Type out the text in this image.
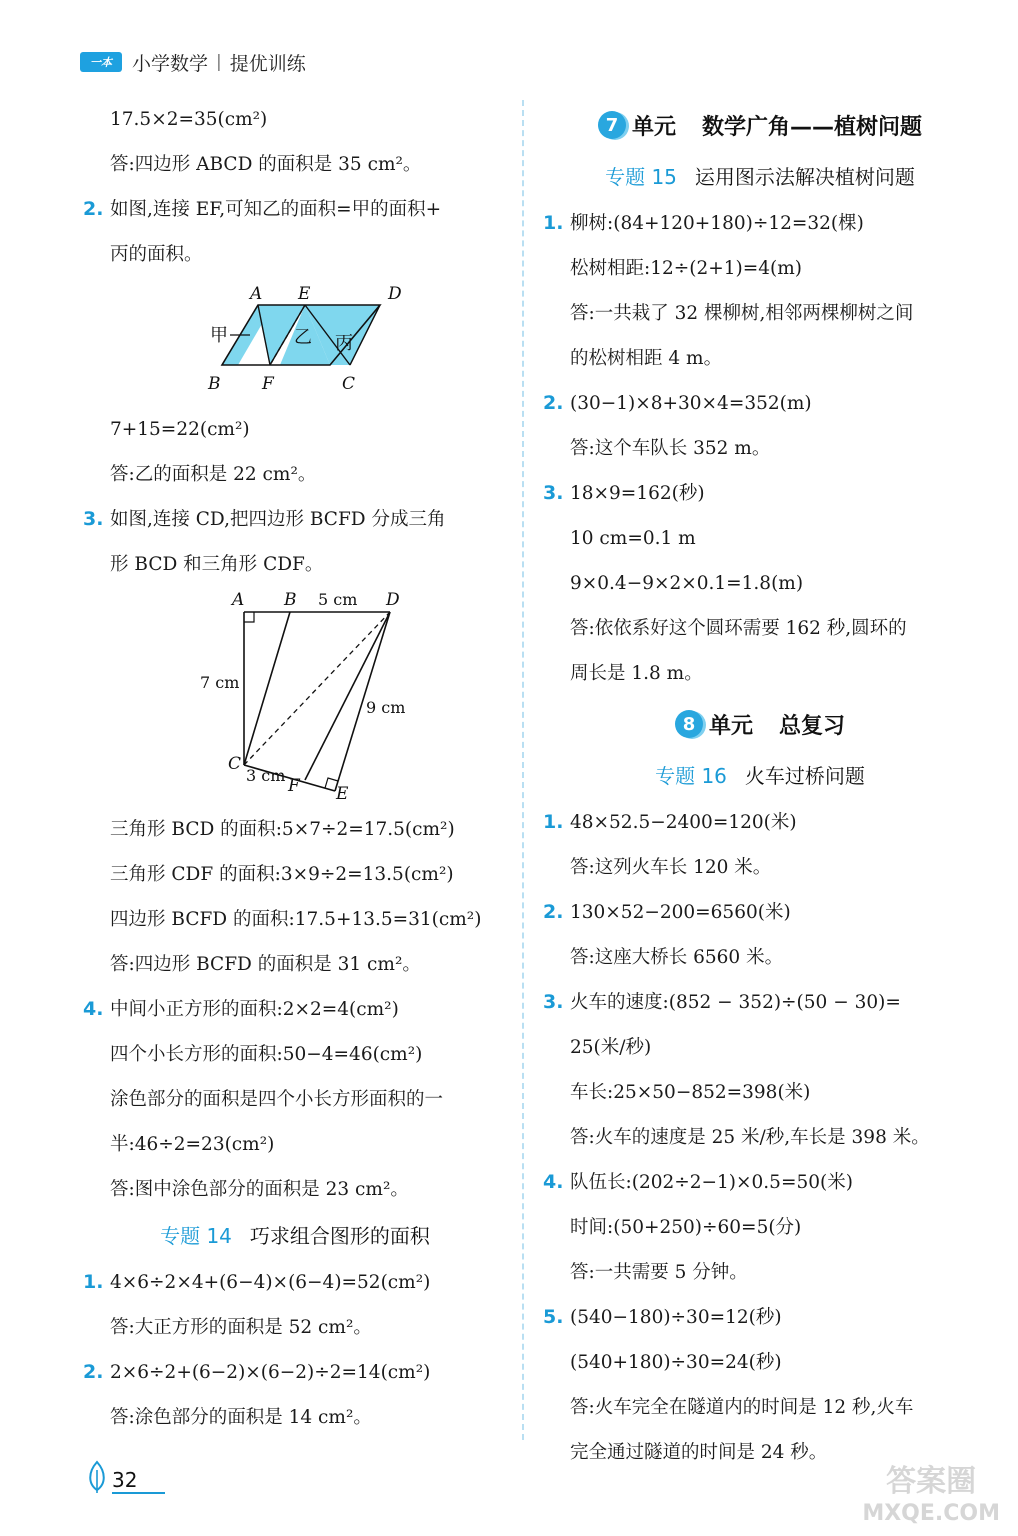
一本	小学数学 | 提优训练
17.5×2=35(cm²)
答:四边形 ABCD 的面积是 35 cm²。
2. 如图,连接 EF,可知乙的面积=甲的面积+
丙的面积。
A E	D
B F	C
甲	乙 丙
7+15=22(cm²)
答:乙的面积是 22 cm²。
3. 如图,连接 CD,把四边形 BCFD 分成三角
形 BCD 和三角形 CDF。
A B	D
C
F E
5 cm
7 cm
9 cm
3 cm
三角形 BCD 的面积:5×7÷2=17.5(cm²)
三角形 CDF 的面积:3×9÷2=13.5(cm²)
四边形 BCFD 的面积:17.5+13.5=31(cm²)
答:四边形 BCFD 的面积是 31 cm²。
4. 中间小正方形的面积:2×2=4(cm²)
四个小长方形的面积:50−4=46(cm²)
涂色部分的面积是四个小长方形面积的一
半:46÷2=23(cm²)
答:图中涂色部分的面积是 23 cm²。
专题 14 巧求组合图形的面积
1. 4×6÷2×4+(6−4)×(6−4)=52(cm²)
答:大正方形的面积是 52 cm²。
2. 2×6÷2+(6−2)×(6−2)÷2=14(cm²)
答:涂色部分的面积是 14 cm²。
7 单元 数学广角——植树问题
专题 15 运用图示法解决植树问题
1. 柳树:(84+120+180)÷12=32(棵)
松树相距:12÷(2+1)=4(m)
答:一共栽了 32 棵柳树,相邻两棵柳树之间
的松树相距 4 m。
2. (30−1)×8+30×4=352(m)
答:这个车队长 352 m。
3. 18×9=162(秒)
10 cm=0.1 m
9×0.4−9×2×0.1=1.8(m)
答:依依系好这个圆环需要 162 秒,圆环的
周长是 1.8 m。
8 单元 总复习
专题 16 火车过桥问题
1. 48×52.5−2400=120(米)
答:这列火车长 120 米。
2. 130×52−200=6560(米)
答:这座大桥长 6560 米。
3. 火车的速度:(852 − 352)÷(50 − 30)=
25(米/秒)
车长:25×50−852=398(米)
答:火车的速度是 25 米/秒,车长是 398 米。
4. 队伍长:(202÷2−1)×0.5=50(米)
时间:(50+250)÷60=5(分)
答:一共需要 5 分钟。
5. (540−180)÷30=12(秒)
(540+180)÷30=24(秒)
答:火车完全在隧道内的时间是 12 秒,火车
完全通过隧道的时间是 24 秒。
32	答案圈
MXQE.COM
